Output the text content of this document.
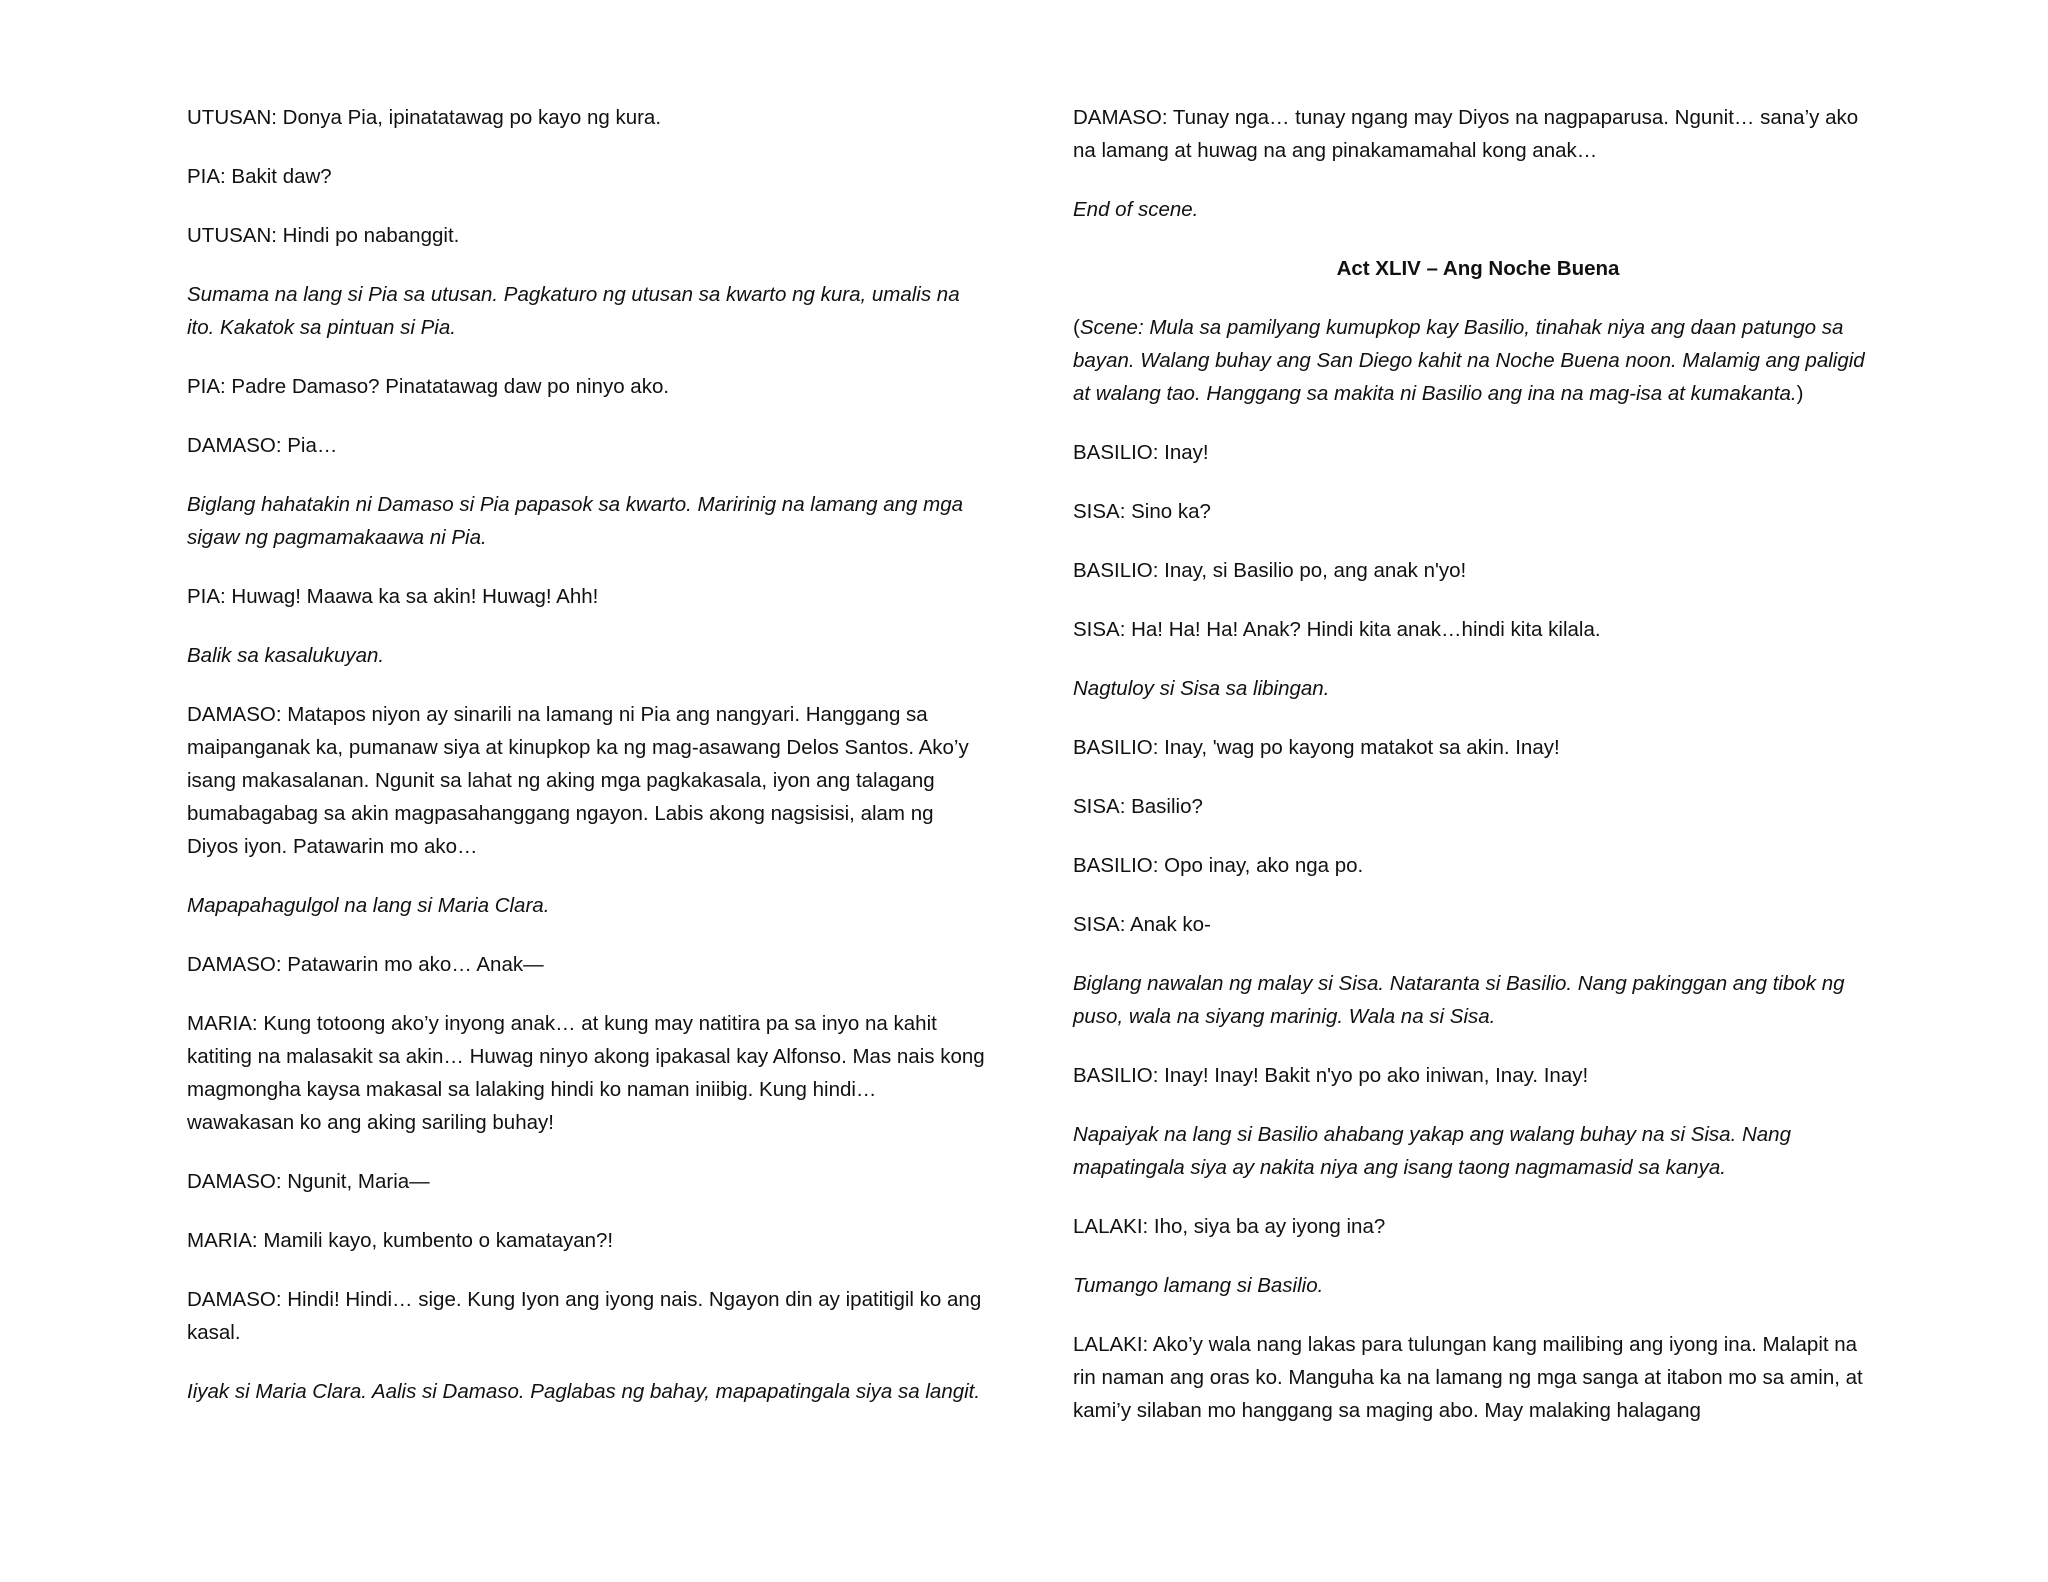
UTUSAN: Donya Pia, ipinatatawag po kayo ng kura.

PIA: Bakit daw?

UTUSAN: Hindi po nabanggit.

Sumama na lang si Pia sa utusan. Pagkaturo ng utusan sa kwarto ng kura, umalis na ito. Kakatok sa pintuan si Pia.

PIA: Padre Damaso? Pinatatawag daw po ninyo ako.

DAMASO: Pia…

Biglang hahatakin ni Damaso si Pia papasok sa kwarto. Maririnig na lamang ang mga sigaw ng pagmamakaawa ni Pia.

PIA: Huwag! Maawa ka sa akin! Huwag! Ahh!

Balik sa kasalukuyan.

DAMASO: Matapos niyon ay sinarili na lamang ni Pia ang nangyari. Hanggang sa maipanganak ka, pumanaw siya at kinupkop ka ng mag-asawang Delos Santos. Ako’y isang makasalanan. Ngunit sa lahat ng aking mga pagkakasala, iyon ang talagang bumabagabag sa akin magpasahanggang ngayon. Labis akong nagsisisi, alam ng Diyos iyon. Patawarin mo ako…

Mapapahagulgol na lang si Maria Clara.

DAMASO: Patawarin mo ako… Anak—

MARIA: Kung totoong ako’y inyong anak… at kung may natitira pa sa inyo na kahit katiting na malasakit sa akin… Huwag ninyo akong ipakasal kay Alfonso. Mas nais kong magmongha kaysa makasal sa lalaking hindi ko naman iniibig. Kung hindi… wawakasan ko ang aking sariling buhay!

DAMASO: Ngunit, Maria—

MARIA: Mamili kayo, kumbento o kamatayan?!

DAMASO: Hindi! Hindi… sige. Kung Iyon ang iyong nais. Ngayon din ay ipatitigil ko ang kasal.

Iiyak si Maria Clara. Aalis si Damaso. Paglabas ng bahay, mapapatingala siya sa langit.

DAMASO: Tunay nga… tunay ngang may Diyos na nagpaparusa. Ngunit… sana’y ako na lamang at huwag na ang pinakamamahal kong anak…

End of scene.

Act XLIV – Ang Noche Buena

(Scene: Mula sa pamilyang kumupkop kay Basilio, tinahak niya ang daan patungo sa bayan. Walang buhay ang San Diego kahit na Noche Buena noon. Malamig ang paligid at walang tao. Hanggang sa makita ni Basilio ang ina na mag-isa at kumakanta.)

BASILIO: Inay!

SISA: Sino ka?

BASILIO: Inay, si Basilio po, ang anak n'yo!

SISA: Ha! Ha! Ha! Anak? Hindi kita anak…hindi kita kilala.

Nagtuloy si Sisa sa libingan.

BASILIO: Inay, 'wag po kayong matakot sa akin. Inay!

SISA: Basilio?

BASILIO: Opo inay, ako nga po.

SISA: Anak ko-

Biglang nawalan ng malay si Sisa. Nataranta si Basilio. Nang pakinggan ang tibok ng puso, wala na siyang marinig. Wala na si Sisa.

BASILIO: Inay! Inay! Bakit n'yo po ako iniwan, Inay. Inay!

Napaiyak na lang si Basilio ahabang yakap ang walang buhay na si Sisa. Nang mapatingala siya ay nakita niya ang isang taong nagmamasid sa kanya.

LALAKI: Iho, siya ba ay iyong ina?

Tumango lamang si Basilio.

LALAKI: Ako’y wala nang lakas para tulungan kang mailibing ang iyong ina. Malapit na rin naman ang oras ko. Manguha ka na lamang ng mga sanga at itabon mo sa amin, at kami’y silaban mo hanggang sa maging abo. May malaking halagang
